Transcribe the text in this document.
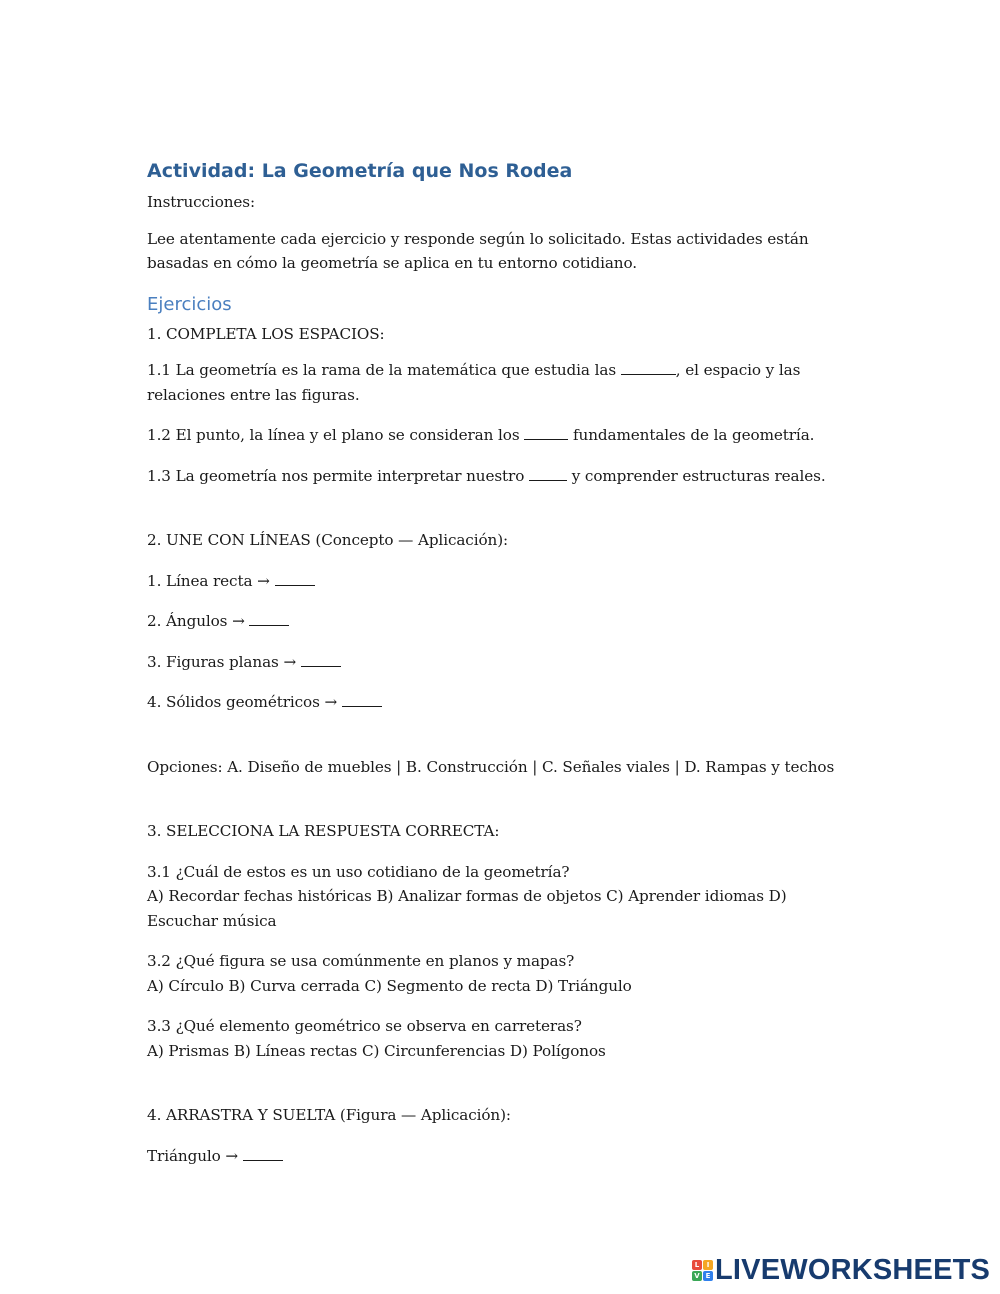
Actividad: La Geometría que Nos Rodea

Instrucciones:

Lee atentamente cada ejercicio y responde según lo solicitado. Estas actividades están basadas en cómo la geometría se aplica en tu entorno cotidiano.

Ejercicios

1. COMPLETA LOS ESPACIOS:

1.1 La geometría es la rama de la matemática que estudia las	, el espacio y las relaciones entre las figuras.

1.2 El punto, la línea y el plano se consideran los	fundamentales de la geometría.

1.3 La geometría nos permite interpretar nuestro	y comprender estructuras reales.

2. UNE CON LÍNEAS (Concepto — Aplicación):

1. Línea recta →

2. Ángulos →

3. Figuras planas →

4. Sólidos geométricos →

Opciones: A. Diseño de muebles | B. Construcción | C. Señales viales | D. Rampas y techos

3. SELECCIONA LA RESPUESTA CORRECTA:

3.1 ¿Cuál de estos es un uso cotidiano de la geometría?
A) Recordar fechas históricas B) Analizar formas de objetos C) Aprender idiomas D) Escuchar música

3.2 ¿Qué figura se usa comúnmente en planos y mapas?
A) Círculo B) Curva cerrada C) Segmento de recta D) Triángulo

3.3 ¿Qué elemento geométrico se observa en carreteras?
A) Prismas B) Líneas rectas C) Circunferencias D) Polígonos

4. ARRASTRA Y SUELTA (Figura — Aplicación):

Triángulo →

L	I
V E LIVEWORKSHEETS
